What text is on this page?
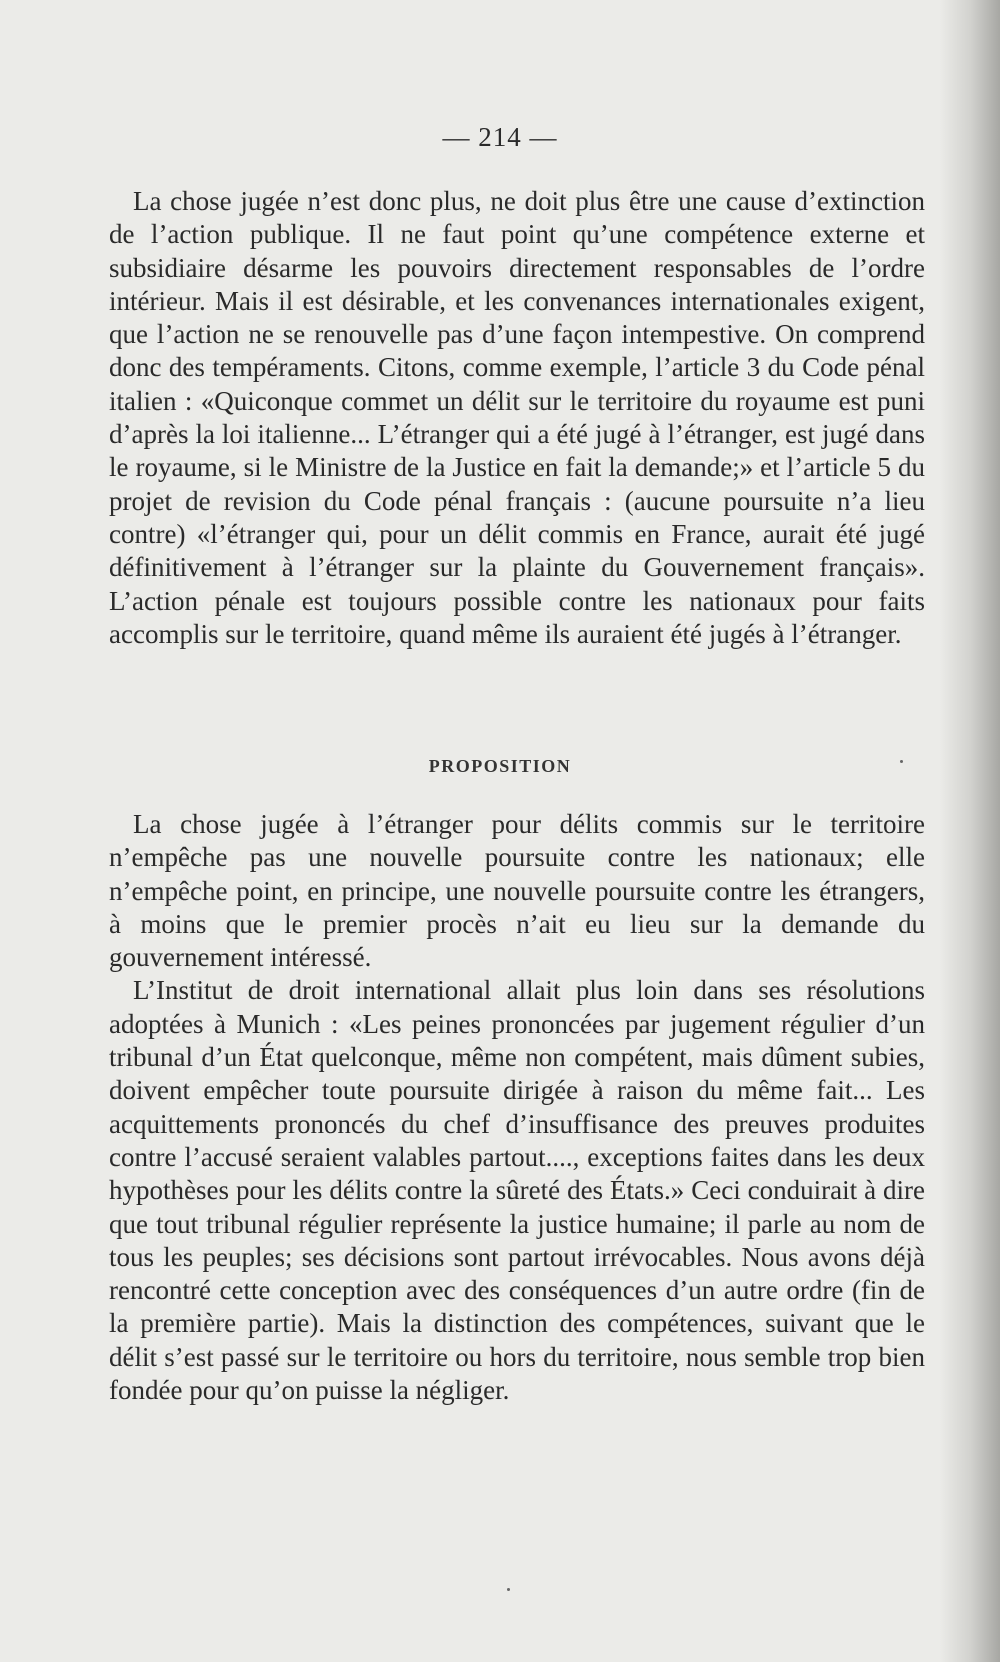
— 214 —

La chose jugée n’est donc plus, ne doit plus être une cause d’extinction de l’action publique. Il ne faut point qu’une compétence externe et subsidiaire désarme les pouvoirs directement responsables de l’ordre intérieur. Mais il est désirable, et les convenances internationales exigent, que l’action ne se renouvelle pas d’une façon intempestive. On comprend donc des tempéraments. Citons, comme exemple, l’article 3 du Code pénal italien : «Quiconque commet un délit sur le territoire du royaume est puni d’après la loi italienne... L’étranger qui a été jugé à l’étranger, est jugé dans le royaume, si le Ministre de la Justice en fait la demande;» et l’article 5 du projet de revision du Code pénal français : (aucune poursuite n’a lieu contre) «l’étranger qui, pour un délit commis en France, aurait été jugé définitivement à l’étranger sur la plainte du Gouvernement français». L’action pénale est toujours possible contre les nationaux pour faits accomplis sur le territoire, quand même ils auraient été jugés à l’étranger.

PROPOSITION

La chose jugée à l’étranger pour délits commis sur le territoire n’empêche pas une nouvelle poursuite contre les nationaux; elle n’empêche point, en principe, une nouvelle poursuite contre les étrangers, à moins que le premier procès n’ait eu lieu sur la demande du gouvernement intéressé.

L’Institut de droit international allait plus loin dans ses résolutions adoptées à Munich : «Les peines prononcées par jugement régulier d’un tribunal d’un État quelconque, même non compétent, mais dûment subies, doivent empêcher toute poursuite dirigée à raison du même fait... Les acquittements prononcés du chef d’insuffisance des preuves produites contre l’accusé seraient valables partout...., exceptions faites dans les deux hypothèses pour les délits contre la sûreté des États.» Ceci conduirait à dire que tout tribunal régulier représente la justice humaine; il parle au nom de tous les peuples; ses décisions sont partout irrévocables. Nous avons déjà rencontré cette conception avec des conséquences d’un autre ordre (fin de la première partie). Mais la distinction des compétences, suivant que le délit s’est passé sur le territoire ou hors du territoire, nous semble trop bien fondée pour qu’on puisse la négliger.
